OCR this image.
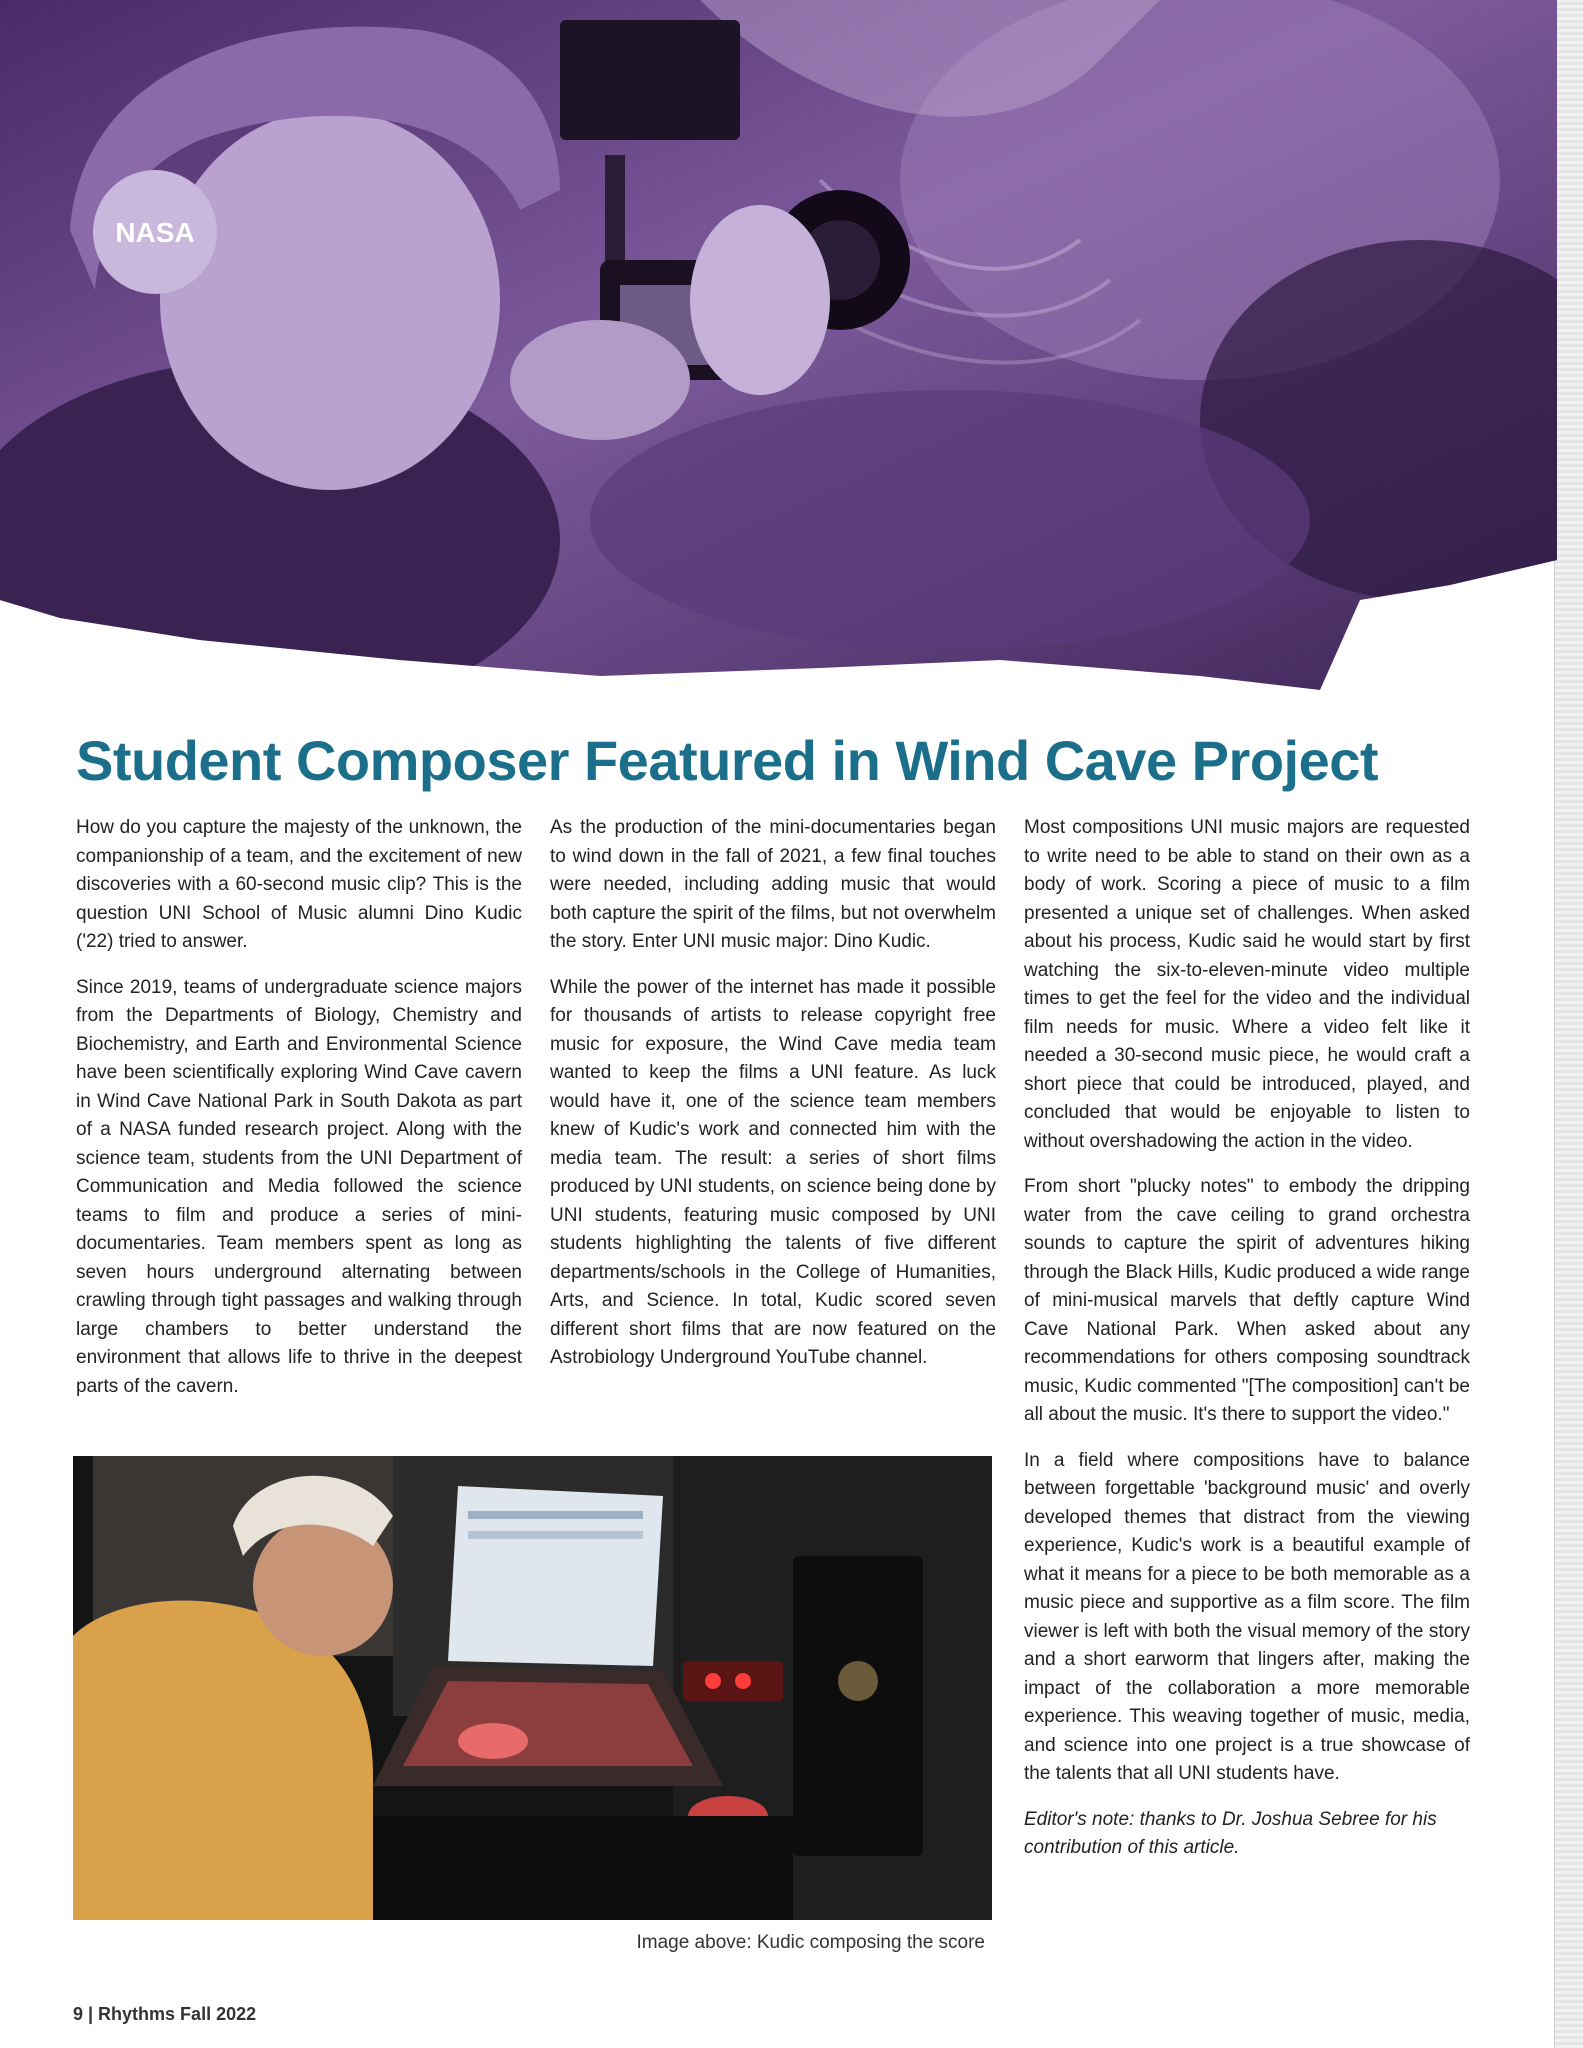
NASA
Student Composer Featured in Wind Cave Project

How do you capture the majesty of the unknown, the companionship of a team, and the excitement of new discoveries with a 60-second music clip? This is the question UNI School of Music alumni Dino Kudic ('22) tried to answer.

Since 2019, teams of undergraduate science majors from the Departments of Biology, Chemistry and Biochemistry, and Earth and Environmental Science have been scientifically exploring Wind Cave cavern in Wind Cave National Park in South Dakota as part of a NASA funded research project. Along with the science team, students from the UNI Department of Communication and Media followed the science teams to film and produce a series of mini-documentaries. Team members spent as long as seven hours underground alternating between crawling through tight passages and walking through large chambers to better understand the environment that allows life to thrive in the deepest parts of the cavern.

As the production of the mini-documentaries began to wind down in the fall of 2021, a few final touches were needed, including adding music that would both capture the spirit of the films, but not overwhelm the story. Enter UNI music major: Dino Kudic.

While the power of the internet has made it possible for thousands of artists to release copyright free music for exposure, the Wind Cave media team wanted to keep the films a UNI feature. As luck would have it, one of the science team members knew of Kudic's work and connected him with the media team. The result: a series of short films produced by UNI students, on science being done by UNI students, featuring music composed by UNI students highlighting the talents of five different departments/schools in the College of Humanities, Arts, and Science. In total, Kudic scored seven different short films that are now featured on the Astrobiology Underground YouTube channel.

Most compositions UNI music majors are requested to write need to be able to stand on their own as a body of work. Scoring a piece of music to a film presented a unique set of challenges. When asked about his process, Kudic said he would start by first watching the six-to-eleven-minute video multiple times to get the feel for the video and the individual film needs for music. Where a video felt like it needed a 30-second music piece, he would craft a short piece that could be introduced, played, and concluded that would be enjoyable to listen to without overshadowing the action in the video.

From short "plucky notes" to embody the dripping water from the cave ceiling to grand orchestra sounds to capture the spirit of adventures hiking through the Black Hills, Kudic produced a wide range of mini-musical marvels that deftly capture Wind Cave National Park. When asked about any recommendations for others composing soundtrack music, Kudic commented "[The composition] can't be all about the music. It's there to support the video."

In a field where compositions have to balance between forgettable 'background music' and overly developed themes that distract from the viewing experience, Kudic's work is a beautiful example of what it means for a piece to be both memorable as a music piece and supportive as a film score. The film viewer is left with both the visual memory of the story and a short earworm that lingers after, making the impact of the collaboration a more memorable experience. This weaving together of music, media, and science into one project is a true showcase of the talents that all UNI students have.

Editor's note: thanks to Dr. Joshua Sebree for his contribution of this article.

Image above: Kudic composing the score
9 | Rhythms Fall 2022
